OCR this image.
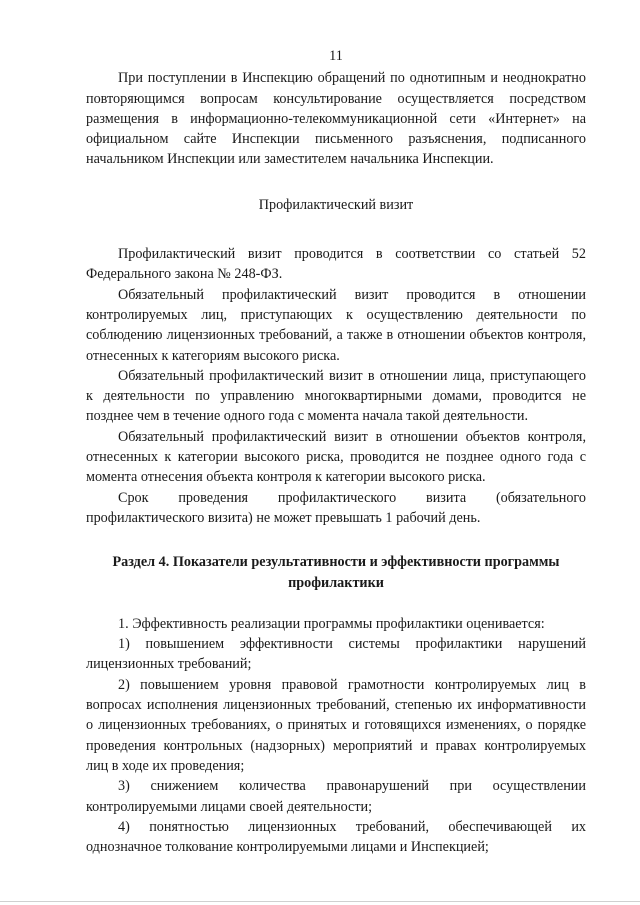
11

При поступлении в Инспекцию обращений по однотипным и неоднократно повторяющимся вопросам консультирование осуществляется посредством размещения в информационно-телекоммуникационной сети «Интернет» на официальном сайте Инспекции письменного разъяснения, подписанного начальником Инспекции или заместителем начальника Инспекции.

Профилактический визит

Профилактический визит проводится в соответствии со статьей 52 Федерального закона № 248-ФЗ.

Обязательный профилактический визит проводится в отношении контролируемых лиц, приступающих к осуществлению деятельности по соблюдению лицензионных требований, а также в отношении объектов контроля, отнесенных к категориям высокого риска.

Обязательный профилактический визит в отношении лица, приступающего к деятельности по управлению многоквартирными домами, проводится не позднее чем в течение одного года с момента начала такой деятельности.

Обязательный профилактический визит в отношении объектов контроля, отнесенных к категории высокого риска, проводится не позднее одного года с момента отнесения объекта контроля к категории высокого риска.

Срок проведения профилактического визита (обязательного профилактического визита) не может превышать 1 рабочий день.

Раздел 4. Показатели результативности и эффективности программы профилактики

1. Эффективность реализации программы профилактики оценивается:

1) повышением эффективности системы профилактики нарушений лицензионных требований;

2) повышением уровня правовой грамотности контролируемых лиц в вопросах исполнения лицензионных требований, степенью их информативности о лицензионных требованиях, о принятых и готовящихся изменениях, о порядке проведения контрольных (надзорных) мероприятий и правах контролируемых лиц в ходе их проведения;

3) снижением количества правонарушений при осуществлении контролируемыми лицами своей деятельности;

4) понятностью лицензионных требований, обеспечивающей их однозначное толкование контролируемыми лицами и Инспекцией;
